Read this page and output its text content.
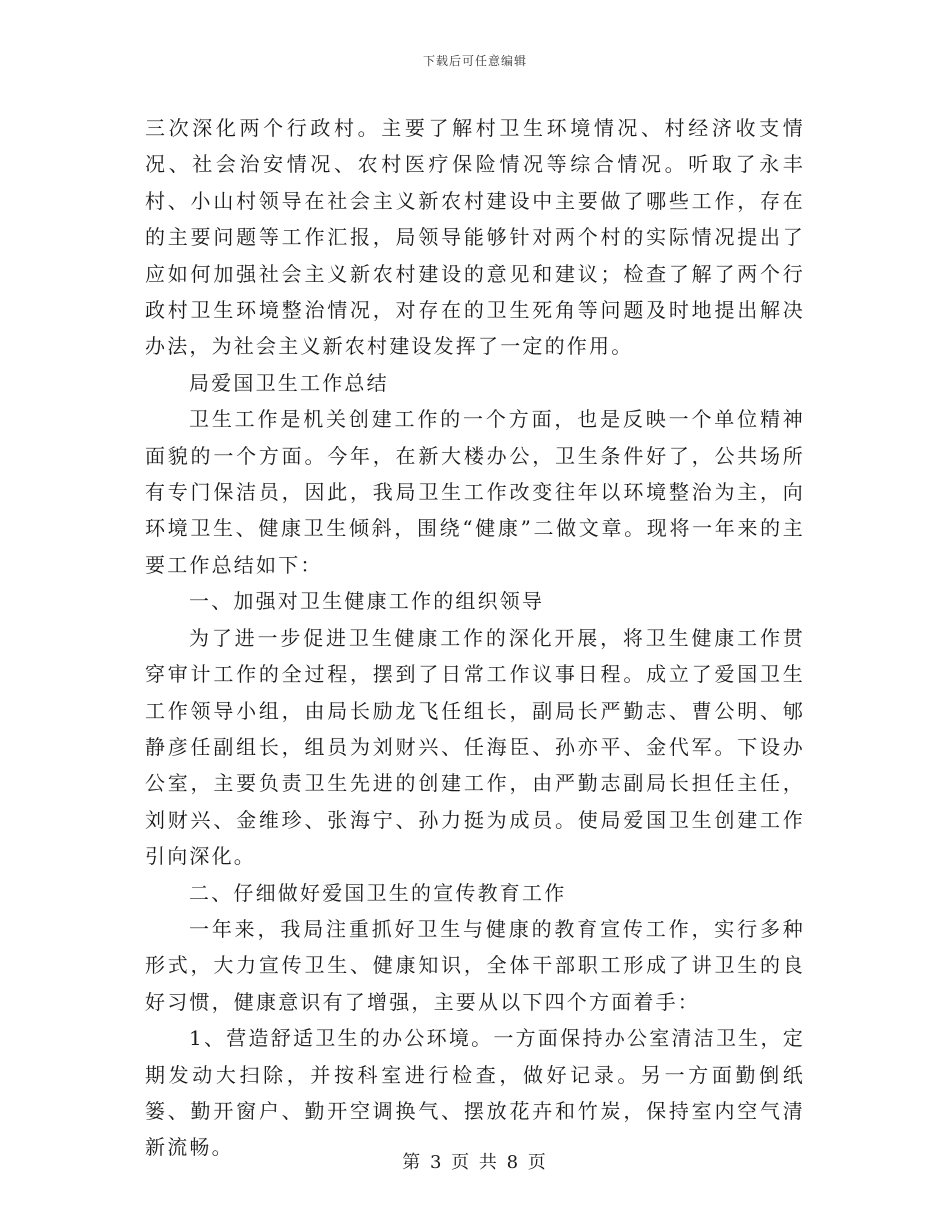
下载后可任意编辑

三次深化两个行政村。主要了解村卫生环境情况、村经济收支情况、社会治安情况、农村医疗保险情况等综合情况。听取了永丰村、小山村领导在社会主义新农村建设中主要做了哪些工作，存在的主要问题等工作汇报，局领导能够针对两个村的实际情况提出了应如何加强社会主义新农村建设的意见和建议；检查了解了两个行政村卫生环境整治情况，对存在的卫生死角等问题及时地提出解决办法，为社会主义新农村建设发挥了一定的作用。

局爱国卫生工作总结

卫生工作是机关创建工作的一个方面，也是反映一个单位精神面貌的一个方面。今年，在新大楼办公，卫生条件好了，公共场所有专门保洁员，因此，我局卫生工作改变往年以环境整治为主，向环境卫生、健康卫生倾斜，围绕“健康”二做文章。现将一年来的主要工作总结如下：

一、加强对卫生健康工作的组织领导

为了进一步促进卫生健康工作的深化开展，将卫生健康工作贯穿审计工作的全过程，摆到了日常工作议事日程。成立了爱国卫生工作领导小组，由局长励龙飞任组长，副局长严勤志、曹公明、郇静彦任副组长，组员为刘财兴、任海臣、孙亦平、金代军。下设办公室，主要负责卫生先进的创建工作，由严勤志副局长担任主任，刘财兴、金维珍、张海宁、孙力挺为成员。使局爱国卫生创建工作引向深化。

二、仔细做好爱国卫生的宣传教育工作

一年来，我局注重抓好卫生与健康的教育宣传工作，实行多种形式，大力宣传卫生、健康知识，全体干部职工形成了讲卫生的良好习惯，健康意识有了增强，主要从以下四个方面着手：

1、营造舒适卫生的办公环境。一方面保持办公室清洁卫生，定期发动大扫除，并按科室进行检查，做好记录。另一方面勤倒纸篓、勤开窗户、勤开空调换气、摆放花卉和竹炭，保持室内空气清新流畅。

第 3 页 共 8 页
